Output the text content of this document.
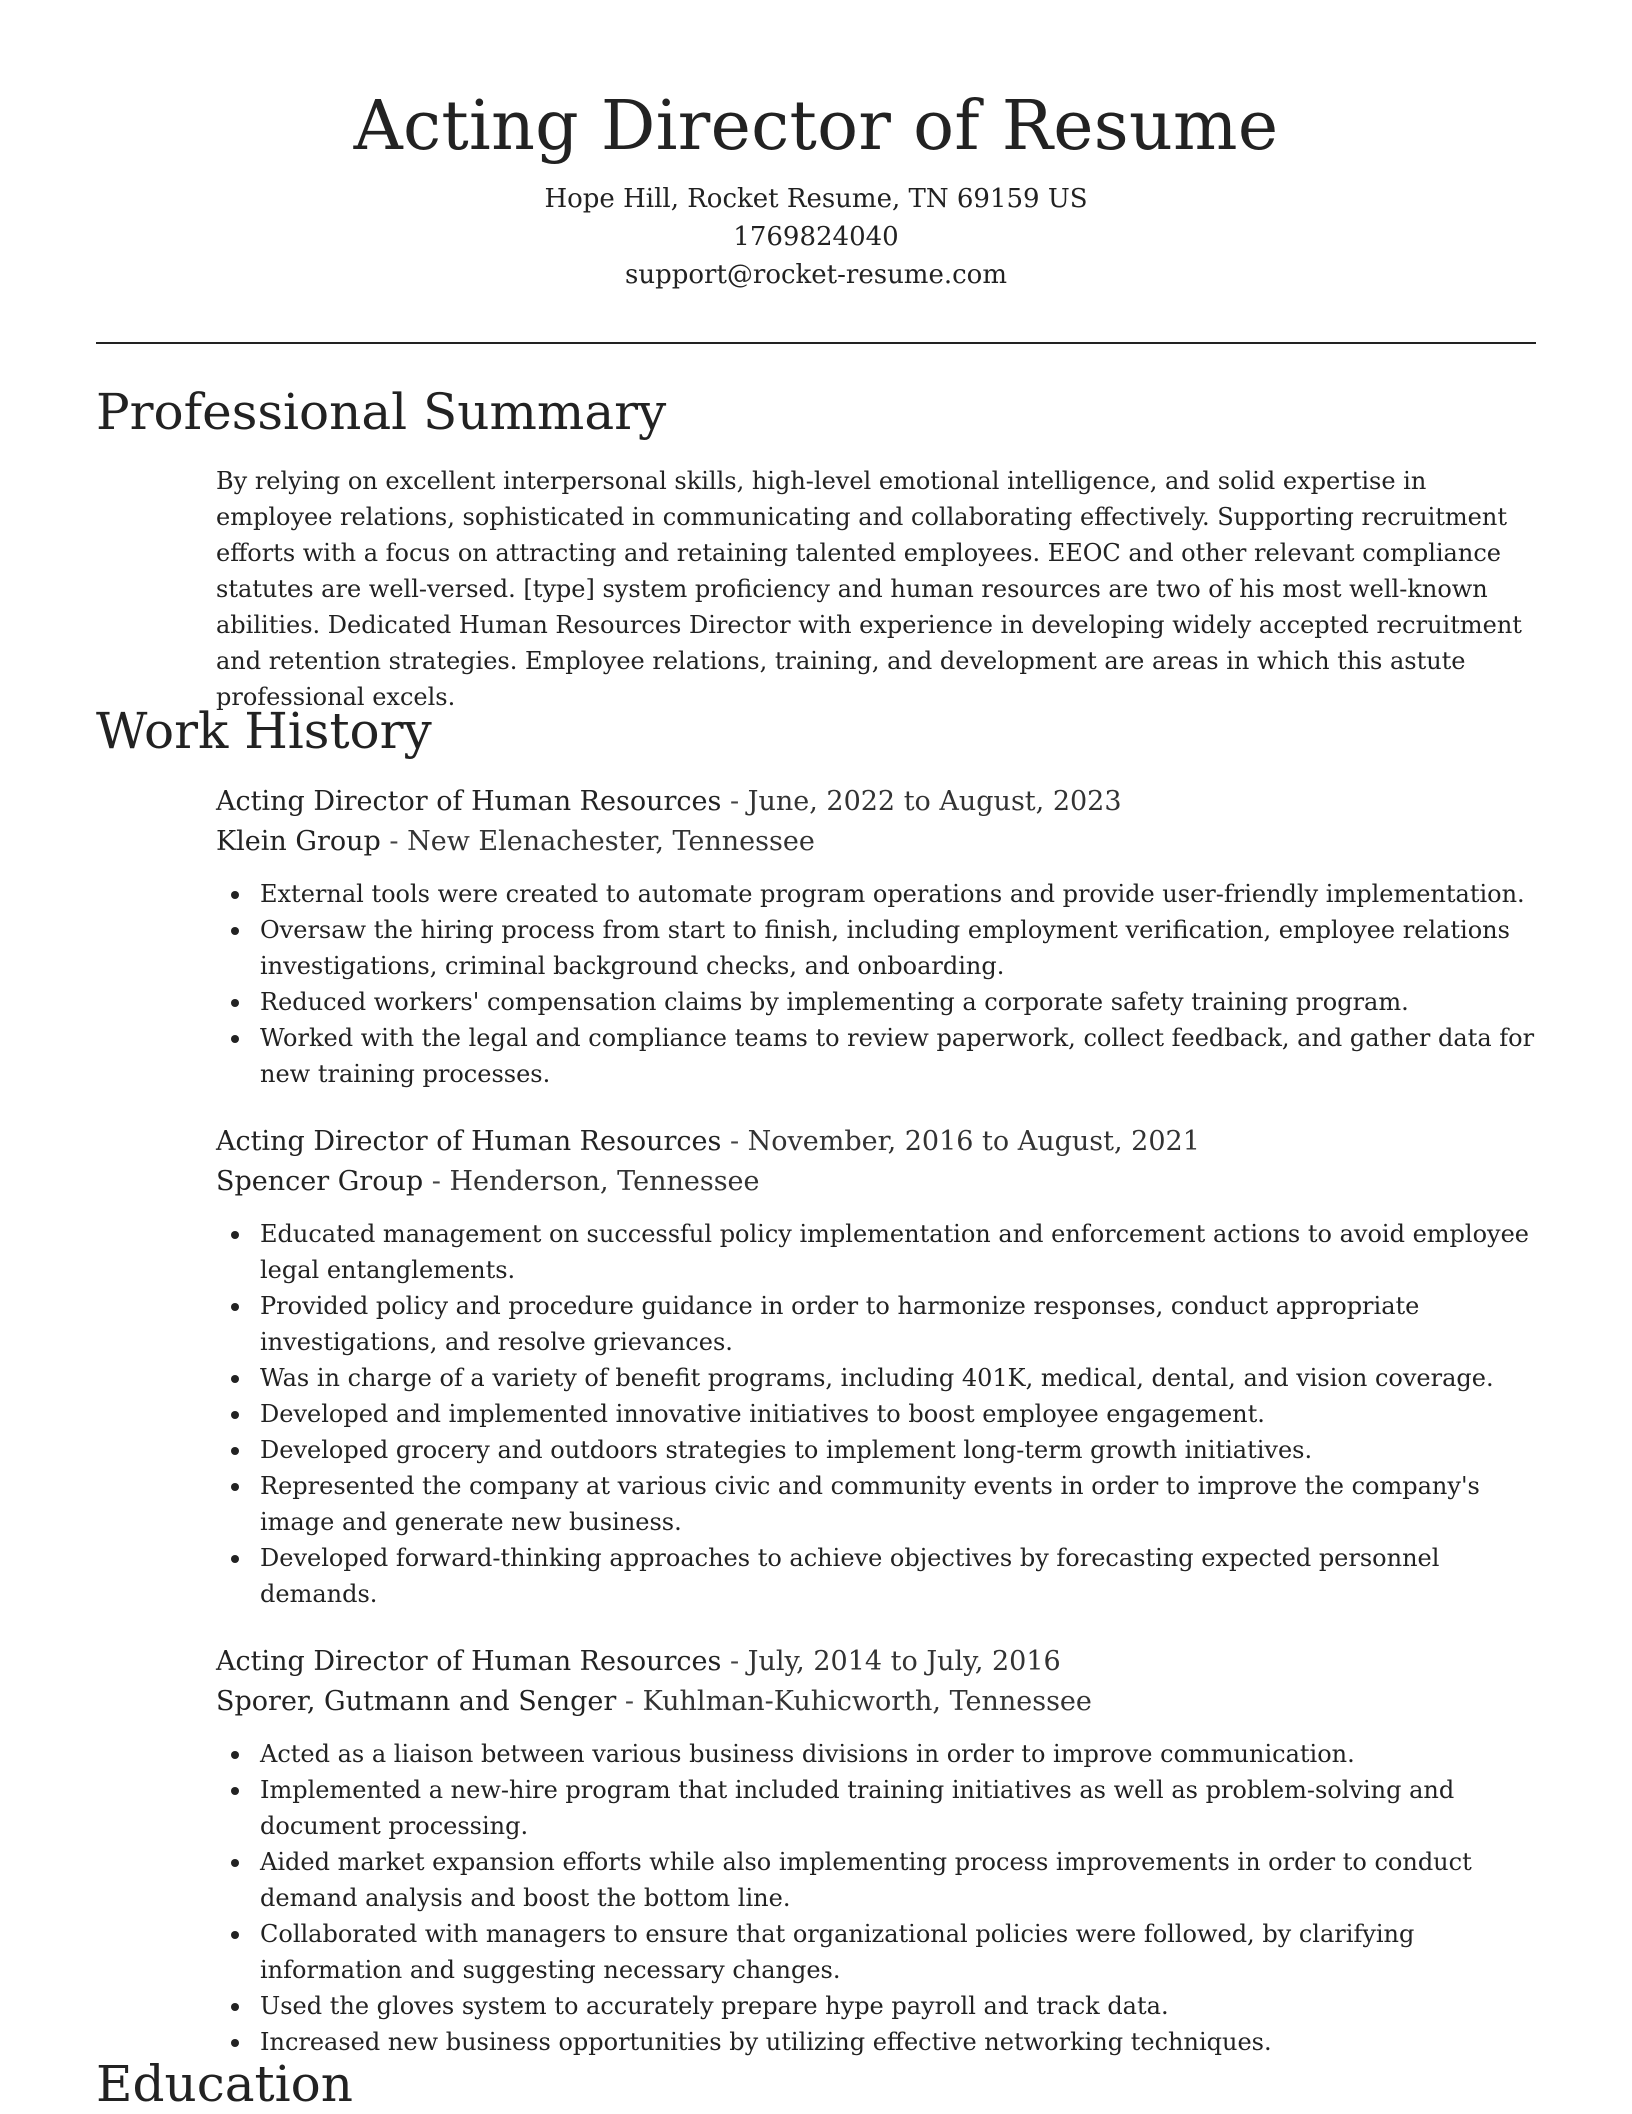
Acting Director of Resume
Hope Hill, Rocket Resume, TN 69159 US
1769824040
support@rocket-resume.com
Professional Summary

By relying on excellent interpersonal skills, high-level emotional intelligence, and solid expertise in employee relations, sophisticated in communicating and collaborating effectively. Supporting recruitment efforts with a focus on attracting and retaining talented employees. EEOC and other relevant compliance statutes are well-versed. [type] system proficiency and human resources are two of his most well-known abilities. Dedicated Human Resources Director with experience in developing widely accepted recruitment and retention strategies. Employee relations, training, and development are areas in which this astute professional excels.

Work History

Acting Director of Human Resources - June, 2022 to August, 2023

Klein Group - New Elenachester, Tennessee

External tools were created to automate program operations and provide user-friendly implementation.
Oversaw the hiring process from start to finish, including employment verification, employee relations investigations, criminal background checks, and onboarding.
Reduced workers' compensation claims by implementing a corporate safety training program.
Worked with the legal and compliance teams to review paperwork, collect feedback, and gather data for new training processes.

Acting Director of Human Resources - November, 2016 to August, 2021

Spencer Group - Henderson, Tennessee

Educated management on successful policy implementation and enforcement actions to avoid employee legal entanglements.
Provided policy and procedure guidance in order to harmonize responses, conduct appropriate investigations, and resolve grievances.
Was in charge of a variety of benefit programs, including 401K, medical, dental, and vision coverage.
Developed and implemented innovative initiatives to boost employee engagement.
Developed grocery and outdoors strategies to implement long-term growth initiatives.
Represented the company at various civic and community events in order to improve the company's image and generate new business.
Developed forward-thinking approaches to achieve objectives by forecasting expected personnel demands.

Acting Director of Human Resources - July, 2014 to July, 2016

Sporer, Gutmann and Senger - Kuhlman-Kuhicworth, Tennessee

Acted as a liaison between various business divisions in order to improve communication.
Implemented a new-hire program that included training initiatives as well as problem-solving and document processing.
Aided market expansion efforts while also implementing process improvements in order to conduct demand analysis and boost the bottom line.
Collaborated with managers to ensure that organizational policies were followed, by clarifying information and suggesting necessary changes.
Used the gloves system to accurately prepare hype payroll and track data.
Increased new business opportunities by utilizing effective networking techniques.
Education
